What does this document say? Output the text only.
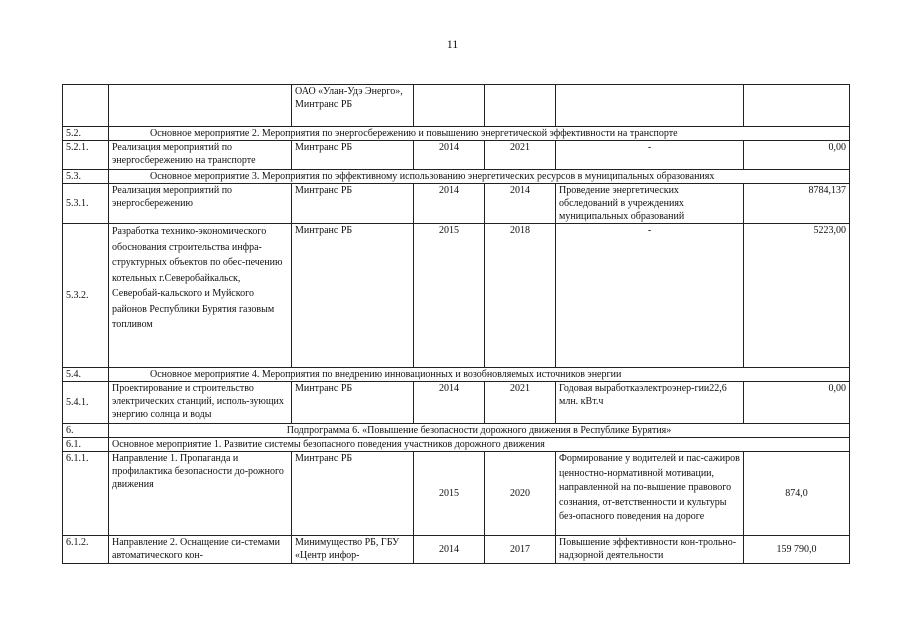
11
		ОАО «Улан-Удэ Энерго», Минтранс РБ				
5.2.	Основное мероприятие 2. Мероприятия по энергосбережению и повышению энергетической эффективности на транспорте					
5.2.1.	Реализация мероприятий по энергосбережению на транспорте	Минтранс РБ	2014	2021	-	0,00
5.3.	Основное мероприятие 3. Мероприятия по эффективному использованию энергетических ресурсов в муниципальных образованиях					
5.3.1.	Реализация мероприятий по энергосбережению	Минтранс РБ	2014	2014	Проведение энергетических обследований в учреждениях муниципальных образований	8784,137
5.3.2.	Разработка технико-экономического обоснования строительства инфра-структурных объектов по обес-печению котельных г.Северобайкальск, Северобай-кальского и Муйского районов Республики Бурятия газовым топливом	Минтранс РБ	2015	2018	-	5223,00
5.4.	Основное мероприятие 4. Мероприятия по внедрению инновационных и возобновляемых источников энергии					
5.4.1.	Проектирование и строительство электрических станций, исполь-зующих энергию солнца и воды	Минтранс РБ	2014	2021	Годовая выработкаэлектроэнер-гии22,6 млн. кВт.ч	0,00
6.	Подпрограмма 6. «Повышение безопасности дорожного движения в Республике Бурятия»					
6.1.	Основное мероприятие 1. Развитие системы безопасного поведения участников дорожного движения					
6.1.1.	Направление 1. Пропаганда и профилактика безопасности до-рожного движения	Минтранс РБ	2015	2020	Формирование у водителей и пас-сажиров ценностно-нормативной мотивации, направленной на по-вышение правового сознания, от-ветственности и культуры без-опасного поведения на дороге	874,0
6.1.2.	Направление 2. Оснащение си-стемами автоматического кон-	Минимущество РБ, ГБУ «Центр инфор-	2014	2017	Повышение эффективности кон-трольно-надзорной деятельности	159 790,0
